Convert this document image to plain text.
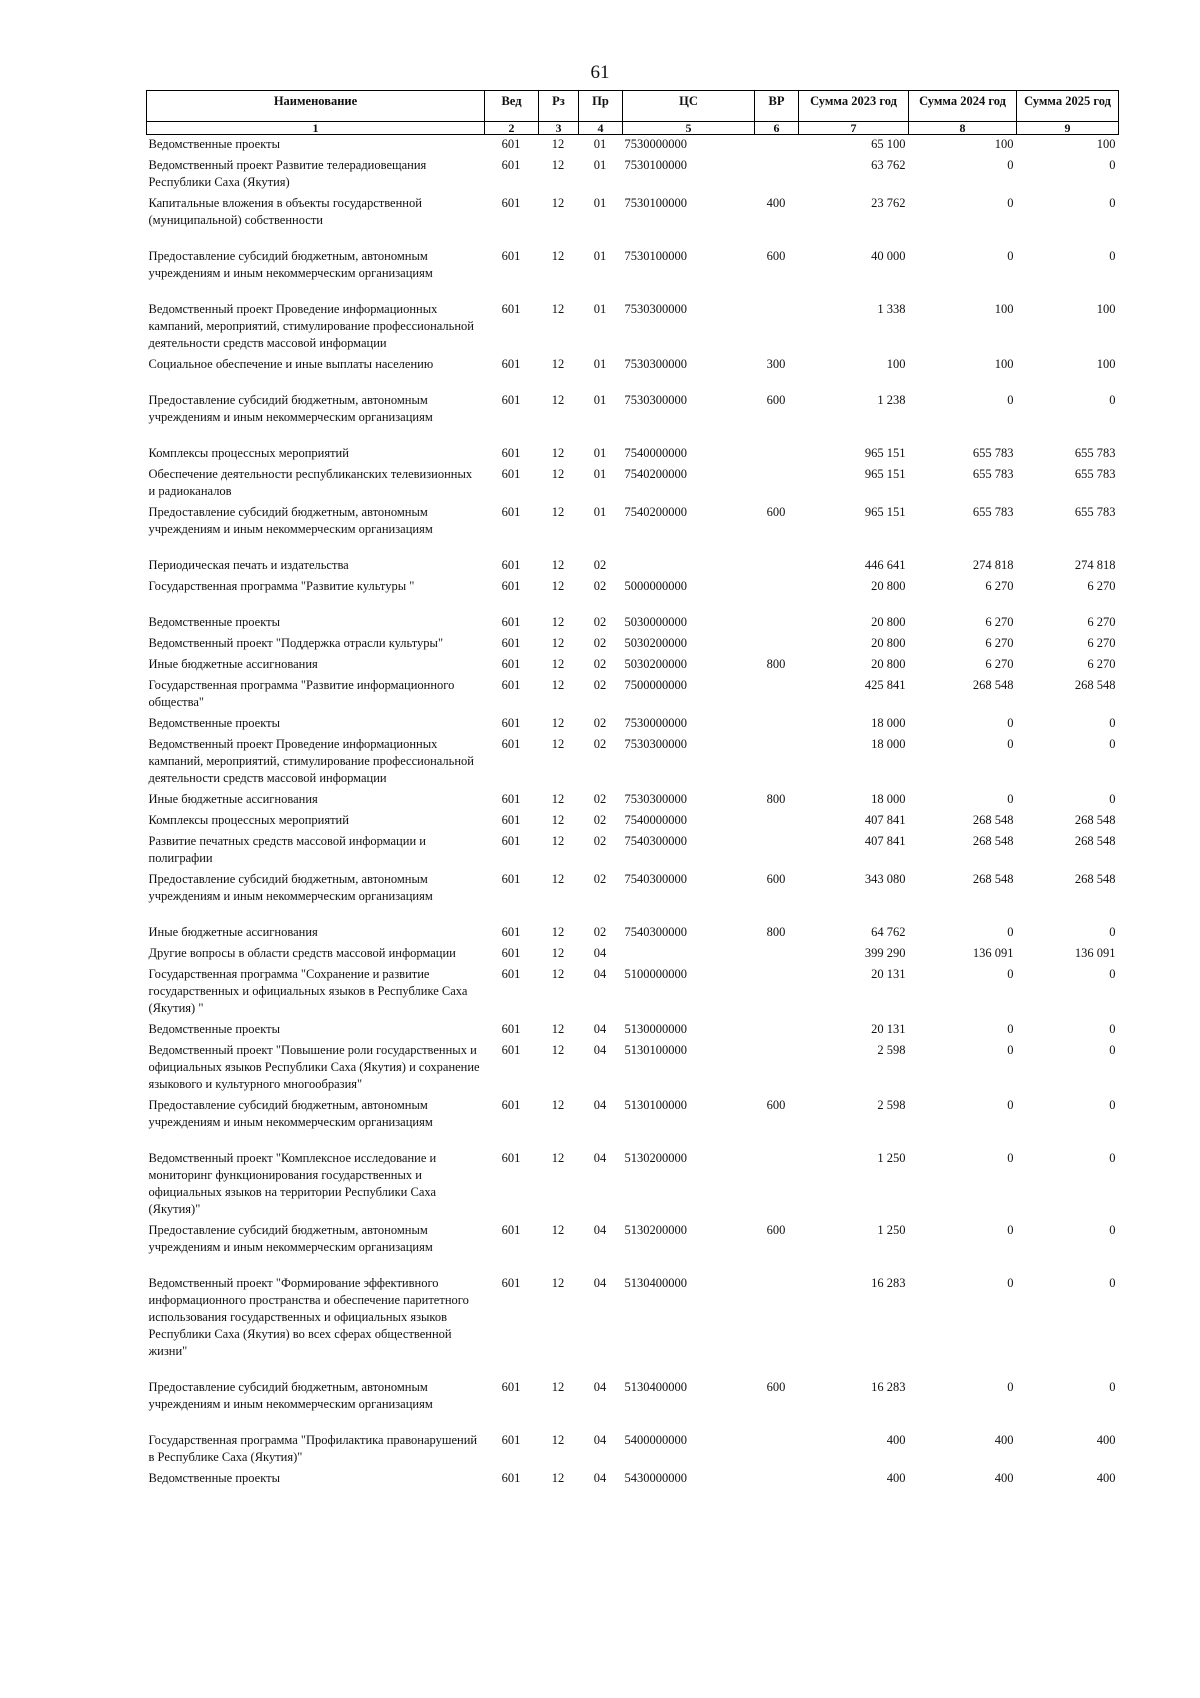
61
Наименование	Вед	Рз	Пр	ЦС	ВР	Сумма 2023 год	Сумма 2024 год	Сумма 2025 год
1	2	3	4	5	6	7	8	9
Ведомственные проекты	601	12	01	7530000000		65 100	100	100
Ведомственный проект Развитие телерадиовещания Республики Саха (Якутия)	601	12	01	7530100000		63 762	0	0
Капитальные вложения в объекты государственной (муниципальной) собственности	601	12	01	7530100000	400	23 762	0	0
Предоставление субсидий бюджетным, автономным учреждениям и иным некоммерческим организациям	601	12	01	7530100000	600	40 000	0	0
Ведомственный проект Проведение информационных кампаний, мероприятий, стимулирование профессиональной деятельности средств массовой информации	601	12	01	7530300000		1 338	100	100
Социальное обеспечение и иные выплаты населению	601	12	01	7530300000	300	100	100	100
Предоставление субсидий бюджетным, автономным учреждениям и иным некоммерческим организациям	601	12	01	7530300000	600	1 238	0	0
Комплексы процессных мероприятий	601	12	01	7540000000		965 151	655 783	655 783
Обеспечение деятельности республиканских телевизионных и радиоканалов	601	12	01	7540200000		965 151	655 783	655 783
Предоставление субсидий бюджетным, автономным учреждениям и иным некоммерческим организациям	601	12	01	7540200000	600	965 151	655 783	655 783
Периодическая печать и издательства	601	12	02			446 641	274 818	274 818
Государственная программа "Развитие культуры "	601	12	02	5000000000		20 800	6 270	6 270
Ведомственные проекты	601	12	02	5030000000		20 800	6 270	6 270
Ведомственный проект "Поддержка отрасли культуры"	601	12	02	5030200000		20 800	6 270	6 270
Иные бюджетные ассигнования	601	12	02	5030200000	800	20 800	6 270	6 270
Государственная программа "Развитие информационного общества"	601	12	02	7500000000		425 841	268 548	268 548
Ведомственные проекты	601	12	02	7530000000		18 000	0	0
Ведомственный проект Проведение информационных кампаний, мероприятий, стимулирование профессиональной деятельности средств массовой информации	601	12	02	7530300000		18 000	0	0
Иные бюджетные ассигнования	601	12	02	7530300000	800	18 000	0	0
Комплексы процессных мероприятий	601	12	02	7540000000		407 841	268 548	268 548
Развитие печатных средств массовой информации и полиграфии	601	12	02	7540300000		407 841	268 548	268 548
Предоставление субсидий бюджетным, автономным учреждениям и иным некоммерческим организациям	601	12	02	7540300000	600	343 080	268 548	268 548
Иные бюджетные ассигнования	601	12	02	7540300000	800	64 762	0	0
Другие вопросы в области средств массовой информации	601	12	04			399 290	136 091	136 091
Государственная программа "Сохранение и развитие государственных и официальных языков в Республике Саха (Якутия) "	601	12	04	5100000000		20 131	0	0
Ведомственные проекты	601	12	04	5130000000		20 131	0	0
Ведомственный проект "Повышение роли государственных и официальных языков Республики Саха (Якутия) и сохранение языкового и культурного многообразия"	601	12	04	5130100000		2 598	0	0
Предоставление субсидий бюджетным, автономным учреждениям и иным некоммерческим организациям	601	12	04	5130100000	600	2 598	0	0
Ведомственный проект "Комплексное исследование и мониторинг функционирования государственных и официальных языков на территории Республики Саха (Якутия)"	601	12	04	5130200000		1 250	0	0
Предоставление субсидий бюджетным, автономным учреждениям и иным некоммерческим организациям	601	12	04	5130200000	600	1 250	0	0
Ведомственный проект "Формирование эффективного информационного пространства и обеспечение паритетного использования государственных и официальных языков Республики Саха (Якутия) во всех сферах общественной жизни"	601	12	04	5130400000		16 283	0	0
Предоставление субсидий бюджетным, автономным учреждениям и иным некоммерческим организациям	601	12	04	5130400000	600	16 283	0	0
Государственная программа "Профилактика правонарушений в Республике Саха (Якутия)"	601	12	04	5400000000		400	400	400
Ведомственные проекты	601	12	04	5430000000		400	400	400
